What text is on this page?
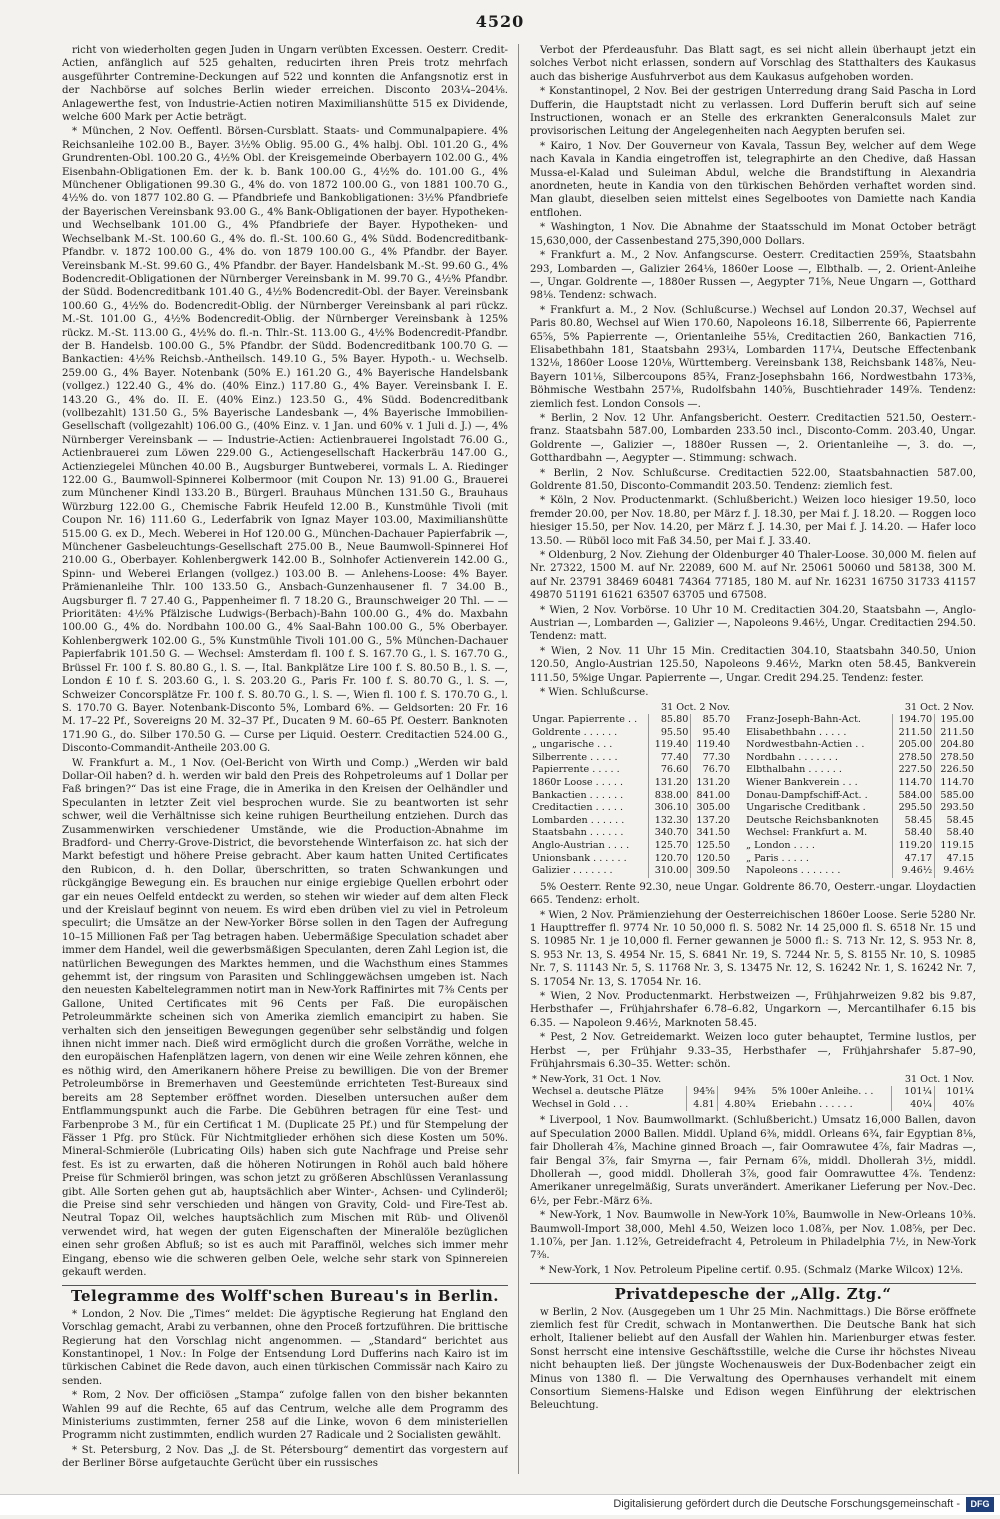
4520

richt von wiederholten gegen Juden in Ungarn verübten Excessen. Oesterr. Credit-Actien, anfänglich auf 525 gehalten, reducirten ihren Preis trotz mehrfach ausgeführter Contremine-Deckungen auf 522 und konnten die Anfangsnotiz erst in der Nachbörse auf solches Berlin wieder erreichen. Disconto 203¼–204⅛. Anlagewerthe fest, von Industrie-Actien notiren Maximilianshütte 515 ex Dividende, welche 600 Mark per Actie beträgt.

* München, 2 Nov. Oeffentl. Börsen-Cursblatt. Staats- und Communalpapiere. 4% Reichsanleihe 102.00 B., Bayer. 3½% Oblig. 95.00 G., 4% halbj. Obl. 101.20 G., 4% Grundrenten-Obl. 100.20 G., 4½% Obl. der Kreisgemeinde Oberbayern 102.00 G., 4% Eisenbahn-Obligationen Em. der k. b. Bank 100.00 G., 4½% do. 101.00 G., 4% Münchener Obligationen 99.30 G., 4% do. von 1872 100.00 G., von 1881 100.70 G., 4½% do. von 1877 102.80 G. — Pfandbriefe und Bankobligationen: 3½% Pfandbriefe der Bayerischen Vereinsbank 93.00 G., 4% Bank-Obligationen der bayer. Hypotheken- und Wechselbank 101.00 G., 4% Pfandbriefe der Bayer. Hypotheken- und Wechselbank M.-St. 100.60 G., 4% do. fl.-St. 100.60 G., 4% Südd. Bodencreditbank-Pfandbr. v. 1872 100.00 G., 4% do. von 1879 100.00 G., 4% Pfandbr. der Bayer. Vereinsbank M.-St. 99.60 G., 4% Pfandbr. der Bayer. Handelsbank M.-St. 99.60 G., 4% Bodencredit-Obligationen der Nürnberger Vereinsbank in M. 99.70 G., 4½% Pfandbr. der Südd. Bodencreditbank 101.40 G., 4½% Bodencredit-Obl. der Bayer. Vereinsbank 100.60 G., 4½% do. Bodencredit-Oblig. der Nürnberger Vereinsbank al pari rückz. M.-St. 101.00 G., 4½% Bodencredit-Oblig. der Nürnberger Vereinsbank à 125% rückz. M.-St. 113.00 G., 4½% do. fl.-n. Thlr.-St. 113.00 G., 4½% Bodencredit-Pfandbr. der B. Handelsb. 100.00 G., 5% Pfandbr. der Südd. Bodencreditbank 100.70 G. — Bankactien: 4½% Reichsb.-Antheilsch. 149.10 G., 5% Bayer. Hypoth.- u. Wechselb. 259.00 G., 4% Bayer. Notenbank (50% E.) 161.20 G., 4% Bayerische Handelsbank (vollgez.) 122.40 G., 4% do. (40% Einz.) 117.80 G., 4% Bayer. Vereinsbank I. E. 143.20 G., 4% do. II. E. (40% Einz.) 123.50 G., 4% Südd. Bodencreditbank (vollbezahlt) 131.50 G., 5% Bayerische Landesbank —, 4% Bayerische Immobilien-Gesellschaft (vollgezahlt) 106.00 G., (40% Einz. v. 1 Jan. und 60% v. 1 Juli d. J.) —, 4% Nürnberger Vereinsbank — — Industrie-Actien: Actienbrauerei Ingolstadt 76.00 G., Actienbrauerei zum Löwen 229.00 G., Actiengesellschaft Hackerbräu 147.00 G., Actienziegelei München 40.00 B., Augsburger Buntweberei, vormals L. A. Riedinger 122.00 G., Baumwoll-Spinnerei Kolbermoor (mit Coupon Nr. 13) 91.00 G., Brauerei zum Münchener Kindl 133.20 B., Bürgerl. Brauhaus München 131.50 G., Brauhaus Würzburg 122.00 G., Chemische Fabrik Heufeld 12.00 B., Kunstmühle Tivoli (mit Coupon Nr. 16) 111.60 G., Lederfabrik von Ignaz Mayer 103.00, Maximilianshütte 515.00 G. ex D., Mech. Weberei in Hof 120.00 G., München-Dachauer Papierfabrik —, Münchener Gasbeleuchtungs-Gesellschaft 275.00 B., Neue Baumwoll-Spinnerei Hof 210.00 G., Oberbayer. Kohlenbergwerk 142.00 B., Solnhofer Actienverein 142.00 G., Spinn- und Weberei Erlangen (vollgez.) 103.00 B. — Anlehens-Loose: 4% Bayer. Prämienanleihe Thlr. 100 133.50 G., Ansbach-Gunzenhausener fl. 7 34.00 B., Augsburger fl. 7 27.40 G., Pappenheimer fl. 7 18.20 G., Braunschweiger 20 Thl. — — Prioritäten: 4½% Pfälzische Ludwigs-(Berbach)-Bahn 100.00 G., 4% do. Maxbahn 100.00 G., 4% do. Nordbahn 100.00 G., 4% Saal-Bahn 100.00 G., 5% Oberbayer. Kohlenbergwerk 102.00 G., 5% Kunstmühle Tivoli 101.00 G., 5% München-Dachauer Papierfabrik 101.50 G. — Wechsel: Amsterdam fl. 100 f. S. 167.70 G., l. S. 167.70 G., Brüssel Fr. 100 f. S. 80.80 G., l. S. —, Ital. Bankplätze Lire 100 f. S. 80.50 B., l. S. —, London £ 10 f. S. 203.60 G., l. S. 203.20 G., Paris Fr. 100 f. S. 80.70 G., l. S. —, Schweizer Concorsplätze Fr. 100 f. S. 80.70 G., l. S. —, Wien fl. 100 f. S. 170.70 G., l. S. 170.70 G. Bayer. Notenbank-Disconto 5%, Lombard 6%. — Geldsorten: 20 Fr. 16 M. 17–22 Pf., Sovereigns 20 M. 32–37 Pf., Ducaten 9 M. 60–65 Pf. Oesterr. Banknoten 171.90 G., do. Silber 170.50 G. — Curse per Liquid. Oesterr. Creditactien 524.00 G., Disconto-Commandit-Antheile 203.00 G.

W. Frankfurt a. M., 1 Nov. (Oel-Bericht von Wirth und Comp.) „Werden wir bald Dollar-Oil haben? d. h. werden wir bald den Preis des Rohpetroleums auf 1 Dollar per Faß bringen?“ Das ist eine Frage, die in Amerika in den Kreisen der Oelhändler und Speculanten in letzter Zeit viel besprochen wurde. Sie zu beantworten ist sehr schwer, weil die Verhältnisse sich keine ruhigen Beurtheilung entziehen. Durch das Zusammenwirken verschiedener Umstände, wie die Production-Abnahme im Bradford- und Cherry-Grove-District, die bevorstehende Winterfaison zc. hat sich der Markt befestigt und höhere Preise gebracht. Aber kaum hatten United Certificates den Rubicon, d. h. den Dollar, überschritten, so traten Schwankungen und rückgängige Bewegung ein. Es brauchen nur einige ergiebige Quellen erbohrt oder gar ein neues Oelfeld entdeckt zu werden, so stehen wir wieder auf dem alten Fleck und der Kreislauf beginnt von neuem. Es wird eben drüben viel zu viel in Petroleum speculirt; die Umsätze an der New-Yorker Börse sollen in den Tagen der Aufregung 10–15 Millionen Faß per Tag betragen haben. Uebermäßige Speculation schadet aber immer dem Handel, weil die gewerbsmäßigen Speculanten, deren Zahl Legion ist, die natürlichen Bewegungen des Marktes hemmen, und die Wachsthum eines Stammes gehemmt ist, der ringsum von Parasiten und Schlinggewächsen umgeben ist. Nach den neuesten Kabeltelegrammen notirt man in New-York Raffinirtes mit 7⅜ Cents per Gallone, United Certificates mit 96 Cents per Faß. Die europäischen Petroleummärkte scheinen sich von Amerika ziemlich emancipirt zu haben. Sie verhalten sich den jenseitigen Bewegungen gegenüber sehr selbständig und folgen ihnen nicht immer nach. Dieß wird ermöglicht durch die großen Vorräthe, welche in den europäischen Hafenplätzen lagern, von denen wir eine Weile zehren können, ehe es nöthig wird, den Amerikanern höhere Preise zu bewilligen. Die von der Bremer Petroleumbörse in Bremerhaven und Geestemünde errichteten Test-Bureaux sind bereits am 28 September eröffnet worden. Dieselben untersuchen außer dem Entflammungspunkt auch die Farbe. Die Gebühren betragen für eine Test- und Farbenprobe 3 M., für ein Certificat 1 M. (Duplicate 25 Pf.) und für Stempelung der Fässer 1 Pfg. pro Stück. Für Nichtmitglieder erhöhen sich diese Kosten um 50%. Mineral-Schmieröle (Lubricating Oils) haben sich gute Nachfrage und Preise sehr fest. Es ist zu erwarten, daß die höheren Notirungen in Rohöl auch bald höhere Preise für Schmieröl bringen, was schon jetzt zu größeren Abschlüssen Veranlassung gibt. Alle Sorten gehen gut ab, hauptsächlich aber Winter-, Achsen- und Cylinderöl; die Preise sind sehr verschieden und hängen von Gravity, Cold- und Fire-Test ab. Neutral Topaz Oil, welches hauptsächlich zum Mischen mit Rüb- und Olivenöl verwendet wird, hat wegen der guten Eigenschaften der Mineralöle bezüglichen einen sehr großen Abfluß; so ist es auch mit Paraffinöl, welches sich immer mehr Eingang, ebenso wie die schweren gelben Oele, welche sehr stark von Spinnereien gekauft werden.

Telegramme des Wolff'schen Bureau's in Berlin.

* London, 2 Nov. Die „Times“ meldet: Die ägyptische Regierung hat England den Vorschlag gemacht, Arabi zu verbannen, ohne den Proceß fortzuführen. Die brittische Regierung hat den Vorschlag nicht angenommen. — „Standard“ berichtet aus Konstantinopel, 1 Nov.: In Folge der Entsendung Lord Dufferins nach Kairo ist im türkischen Cabinet die Rede davon, auch einen türkischen Commissär nach Kairo zu senden.

* Rom, 2 Nov. Der officiösen „Stampa“ zufolge fallen von den bisher bekannten Wahlen 99 auf die Rechte, 65 auf das Centrum, welche alle dem Programm des Ministeriums zustimmten, ferner 258 auf die Linke, wovon 6 dem ministeriellen Programm nicht zustimmten, endlich wurden 27 Radicale und 2 Socialisten gewählt.

* St. Petersburg, 2 Nov. Das „J. de St. Pétersbourg“ dementirt das vorgestern auf der Berliner Börse aufgetauchte Gerücht über ein russisches

Verbot der Pferdeausfuhr. Das Blatt sagt, es sei nicht allein überhaupt jetzt ein solches Verbot nicht erlassen, sondern auf Vorschlag des Statthalters des Kaukasus auch das bisherige Ausfuhrverbot aus dem Kaukasus aufgehoben worden.

* Konstantinopel, 2 Nov. Bei der gestrigen Unterredung drang Said Pascha in Lord Dufferin, die Hauptstadt nicht zu verlassen. Lord Dufferin beruft sich auf seine Instructionen, wonach er an Stelle des erkrankten Generalconsuls Malet zur provisorischen Leitung der Angelegenheiten nach Aegypten berufen sei.

* Kairo, 1 Nov. Der Gouverneur von Kavala, Tassun Bey, welcher auf dem Wege nach Kavala in Kandia eingetroffen ist, telegraphirte an den Chedive, daß Hassan Mussa-el-Kalad und Suleiman Abdul, welche die Brandstiftung in Alexandria anordneten, heute in Kandia von den türkischen Behörden verhaftet worden sind. Man glaubt, dieselben seien mittelst eines Segelbootes von Damiette nach Kandia entflohen.

* Washington, 1 Nov. Die Abnahme der Staatsschuld im Monat October beträgt 15,630,000, der Cassenbestand 275,390,000 Dollars.

* Frankfurt a. M., 2 Nov. Anfangscurse. Oesterr. Creditactien 259⅝, Staatsbahn 293, Lombarden —, Galizier 264⅛, 1860er Loose —, Elbthalb. —, 2. Orient-Anleihe —, Ungar. Goldrente —, 1880er Russen —, Aegypter 71⅝, Neue Ungarn —, Gotthard 98⅛. Tendenz: schwach.

* Frankfurt a. M., 2 Nov. (Schlußcurse.) Wechsel auf London 20.37, Wechsel auf Paris 80.80, Wechsel auf Wien 170.60, Napoleons 16.18, Silberrente 66, Papierrente 65⅝, 5% Papierrente —, Orientanleihe 55⅛, Creditactien 260, Bankactien 716, Elisabethbahn 181, Staatsbahn 293¼, Lombarden 117¼, Deutsche Effectenbank 132⅛, 1860er Loose 120⅛, Württemberg. Vereinsbank 138, Reichsbank 148⅞, Neu-Bayern 101⅛, Silbercoupons 85¾, Franz-Josephsbahn 166, Nordwestbahn 173⅜, Böhmische Westbahn 257⅛, Rudolfsbahn 140⅝, Buschtiehrader 149⅞. Tendenz: ziemlich fest. London Consols —.

* Berlin, 2 Nov. 12 Uhr. Anfangsbericht. Oesterr. Creditactien 521.50, Oesterr.-franz. Staatsbahn 587.00, Lombarden 233.50 incl., Disconto-Comm. 203.40, Ungar. Goldrente —, Galizier —, 1880er Russen —, 2. Orientanleihe —, 3. do. —, Gotthardbahn —, Aegypter —. Stimmung: schwach.

* Berlin, 2 Nov. Schlußcurse. Creditactien 522.00, Staatsbahnactien 587.00, Goldrente 81.50, Disconto-Commandit 203.50. Tendenz: ziemlich fest.

* Köln, 2 Nov. Productenmarkt. (Schlußbericht.) Weizen loco hiesiger 19.50, loco fremder 20.00, per Nov. 18.80, per März f. J. 18.30, per Mai f. J. 18.20. — Roggen loco hiesiger 15.50, per Nov. 14.20, per März f. J. 14.30, per Mai f. J. 14.20. — Hafer loco 13.50. — Rüböl loco mit Faß 34.50, per Mai f. J. 33.40.

* Oldenburg, 2 Nov. Ziehung der Oldenburger 40 Thaler-Loose. 30,000 M. fielen auf Nr. 27322, 1500 M. auf Nr. 22089, 600 M. auf Nr. 25061 50060 und 58138, 300 M. auf Nr. 23791 38469 60481 74364 77185, 180 M. auf Nr. 16231 16750 31733 41157 49870 51191 61621 63507 63705 und 67508.

* Wien, 2 Nov. Vorbörse. 10 Uhr 10 M. Creditactien 304.20, Staatsbahn —, Anglo-Austrian —, Lombarden —, Galizier —, Napoleons 9.46½, Ungar. Creditactien 294.50. Tendenz: matt.

* Wien, 2 Nov. 11 Uhr 15 Min. Creditactien 304.10, Staatsbahn 340.50, Union 120.50, Anglo-Austrian 125.50, Napoleons 9.46½, Markn oten 58.45, Bankverein 111.50, 5%ige Ungar. Papierrente —, Ungar. Credit 294.25. Tendenz: fester.

* Wien. Schlußcurse.

	31 Oct. 2 Nov.				31 Oct. 2 Nov.	
Ungar. Papierrente . .	85.80	85.70		Franz-Joseph-Bahn-Act.	194.70	195.00
Goldrente . . . . . .	95.50	95.40		Elisabethbahn . . . . .	211.50	211.50
„ ungarische . . .	119.40	119.40		Nordwestbahn-Actien . .	205.00	204.80
Silberrente . . . . .	77.40	77.30		Nordbahn . . . . . . .	278.50	278.50
Papierrente . . . . .	76.60	76.70		Elbthalbahn . . . . . .	227.50	226.50
1860r Loose . . . . .	131.20	131.20		Wiener Bankverein . . .	114.70	114.70
Bankactien . . . . . .	838.00	841.00		Donau-Dampfschiff-Act. .	584.00	585.00
Creditactien . . . . .	306.10	305.00		Ungarische Creditbank .	295.50	293.50
Lombarden . . . . . .	132.30	137.20		Deutsche Reichsbanknoten	58.45	58.45
Staatsbahn . . . . . .	340.70	341.50		Wechsel: Frankfurt a. M.	58.40	58.40
Anglo-Austrian . . . .	125.70	125.50		„ London . . . .	119.20	119.15
Unionsbank . . . . . .	120.70	120.50		„ Paris . . . . .	47.17	47.15
Galizier . . . . . . .	310.00	309.50		Napoleons . . . . . . .	9.46½	9.46½

5% Oesterr. Rente 92.30, neue Ungar. Goldrente 86.70, Oesterr.-ungar. Lloydactien 665. Tendenz: erholt.

* Wien, 2 Nov. Prämienziehung der Oesterreichischen 1860er Loose. Serie 5280 Nr. 1 Haupttreffer fl. 9774 Nr. 10 50,000 fl. S. 5082 Nr. 14 25,000 fl. S. 6518 Nr. 15 und S. 10985 Nr. 1 je 10,000 fl. Ferner gewannen je 5000 fl.: S. 713 Nr. 12, S. 953 Nr. 8, S. 953 Nr. 13, S. 4954 Nr. 15, S. 6841 Nr. 19, S. 7244 Nr. 5, S. 8155 Nr. 10, S. 10985 Nr. 7, S. 11143 Nr. 5, S. 11768 Nr. 3, S. 13475 Nr. 12, S. 16242 Nr. 1, S. 16242 Nr. 7, S. 17054 Nr. 13, S. 17054 Nr. 16.

* Wien, 2 Nov. Productenmarkt. Herbstweizen —, Frühjahrweizen 9.82 bis 9.87, Herbsthafer —, Frühjahrshafer 6.78–6.82, Ungarkorn —, Mercantilhafer 6.15 bis 6.35. — Napoleon 9.46½, Marknoten 58.45.

* Pest, 2 Nov. Getreidemarkt. Weizen loco guter behauptet, Termine lustlos, per Herbst —, per Frühjahr 9.33–35, Herbsthafer —, Frühjahrshafer 5.87–90, Frühjahrsmais 6.30–35. Wetter: schön.

* New-York, 31 Oct. 1 Nov.					31 Oct. 1 Nov.	
Wechsel a. deutsche Plätze	94⅝	94⅝		5% 100er Anleihe. . .	101¼	101¼
Wechsel in Gold . . .	4.81	4.80¾		Eriebahn . . . . . .	40¼	40⅞

* Liverpool, 1 Nov. Baumwollmarkt. (Schlußbericht.) Umsatz 16,000 Ballen, davon auf Speculation 2000 Ballen. Middl. Upland 6⅜, middl. Orleans 6¾, fair Egyptian 8⅛, fair Dhollerah 4⅞, Machine ginned Broach —, fair Oomrawutee 4⅞, fair Madras —, fair Bengal 3⅞, fair Smyrna —, fair Pernam 6⅞, middl. Dhollerah 3½, middl. Dhollerah —, good middl. Dhollerah 3⅞, good fair Oomrawuttee 4⅞. Tendenz: Amerikaner unregelmäßig, Surats unverändert. Amerikaner Lieferung per Nov.-Dec. 6½, per Febr.-März 6⅜.

* New-York, 1 Nov. Baumwolle in New-York 10⅝, Baumwolle in New-Orleans 10⅜. Baumwoll-Import 38,000, Mehl 4.50, Weizen loco 1.08⅞, per Nov. 1.08⅝, per Dec. 1.10⅞, per Jan. 1.12⅝, Getreidefracht 4, Petroleum in Philadelphia 7½, in New-York 7⅜.

* New-York, 1 Nov. Petroleum Pipeline certif. 0.95. (Schmalz (Marke Wilcox) 12⅛.

Privatdepesche der „Allg. Ztg.“

w Berlin, 2 Nov. (Ausgegeben um 1 Uhr 25 Min. Nachmittags.) Die Börse eröffnete ziemlich fest für Credit, schwach in Montanwerthen. Die Deutsche Bank hat sich erholt, Italiener beliebt auf den Ausfall der Wahlen hin. Marienburger etwas fester. Sonst herrscht eine intensive Geschäftsstille, welche die Curse ihr höchstes Niveau nicht behaupten ließ. Der jüngste Wochenausweis der Dux-Bodenbacher zeigt ein Minus von 1380 fl. — Die Verwaltung des Opernhauses verhandelt mit einem Consortium Siemens-Halske und Edison wegen Einführung der elektrischen Beleuchtung.

Digitalisierung gefördert durch die Deutsche Forschungsgemeinschaft -	DFG
